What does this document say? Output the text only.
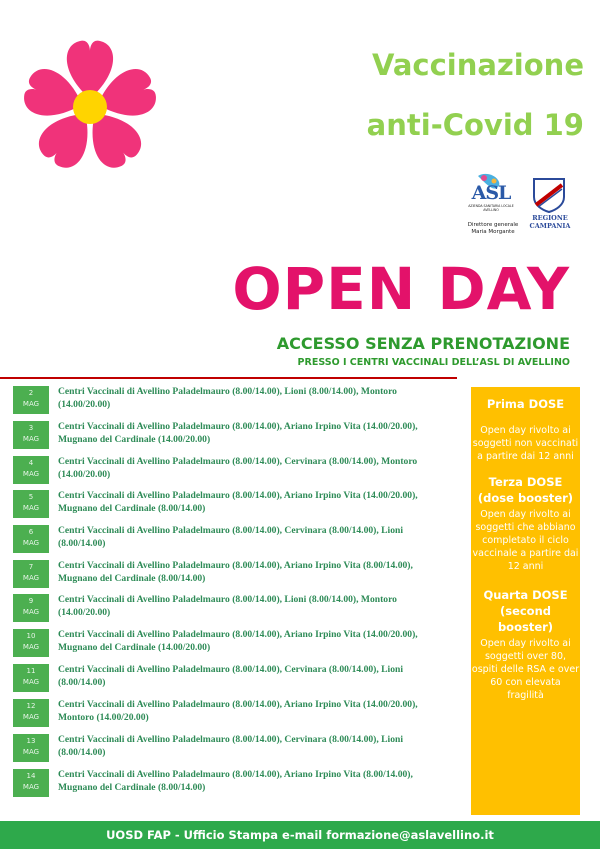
Vaccinazione
anti-Covid 19
ASL
AZIENDA SANITARIA LOCALE AVELLINO
Direttore generale
Maria Morgante
REGIONE CAMPANIA
OPEN DAY
ACCESSO SENZA PRENOTAZIONE
PRESSO I CENTRI VACCINALI DELL’ASL DI AVELLINO
2
MAG
Centri Vaccinali di Avellino Paladelmauro (8.00/14.00), Lioni (8.00/14.00), Montoro (14.00/20.00)
3
MAG
Centri Vaccinali di Avellino Paladelmauro (8.00/14.00), Ariano Irpino Vita (14.00/20.00), Mugnano del Cardinale (14.00/20.00)
4
MAG
Centri Vaccinali di Avellino Paladelmauro (8.00/14.00), Cervinara (8.00/14.00), Montoro (14.00/20.00)
5
MAG
Centri Vaccinali di Avellino Paladelmauro (8.00/14.00), Ariano Irpino Vita (14.00/20.00), Mugnano del Cardinale (8.00/14.00)
6
MAG
Centri Vaccinali di Avellino Paladelmauro (8.00/14.00), Cervinara (8.00/14.00), Lioni (8.00/14.00)
7
MAG
Centri Vaccinali di Avellino Paladelmauro (8.00/14.00), Ariano Irpino Vita (8.00/14.00), Mugnano del Cardinale (8.00/14.00)
9
MAG
Centri Vaccinali di Avellino Paladelmauro (8.00/14.00), Lioni (8.00/14.00), Montoro (14.00/20.00)
10
MAG
Centri Vaccinali di Avellino Paladelmauro (8.00/14.00), Ariano Irpino Vita (14.00/20.00), Mugnano del Cardinale (14.00/20.00)
11
MAG
Centri Vaccinali di Avellino Paladelmauro (8.00/14.00), Cervinara (8.00/14.00), Lioni (8.00/14.00)
12
MAG
Centri Vaccinali di Avellino Paladelmauro (8.00/14.00), Ariano Irpino Vita (14.00/20.00), Montoro (14.00/20.00)
13
MAG
Centri Vaccinali di Avellino Paladelmauro (8.00/14.00), Cervinara (8.00/14.00), Lioni (8.00/14.00)
14
MAG
Centri Vaccinali di Avellino Paladelmauro (8.00/14.00), Ariano Irpino Vita (8.00/14.00), Mugnano del Cardinale (8.00/14.00)
Prima DOSE
Open day rivolto ai soggetti non vaccinati a partire dai 12 anni
Terza DOSE (dose booster)
Open day rivolto ai soggetti che abbiano completato il ciclo vaccinale a partire dai 12 anni
Quarta DOSE (second booster)
Open day rivolto ai soggetti over 80, ospiti delle RSA e over 60 con elevata fragilità
UOSD FAP - Ufficio Stampa e-mail formazione@aslavellino.it
